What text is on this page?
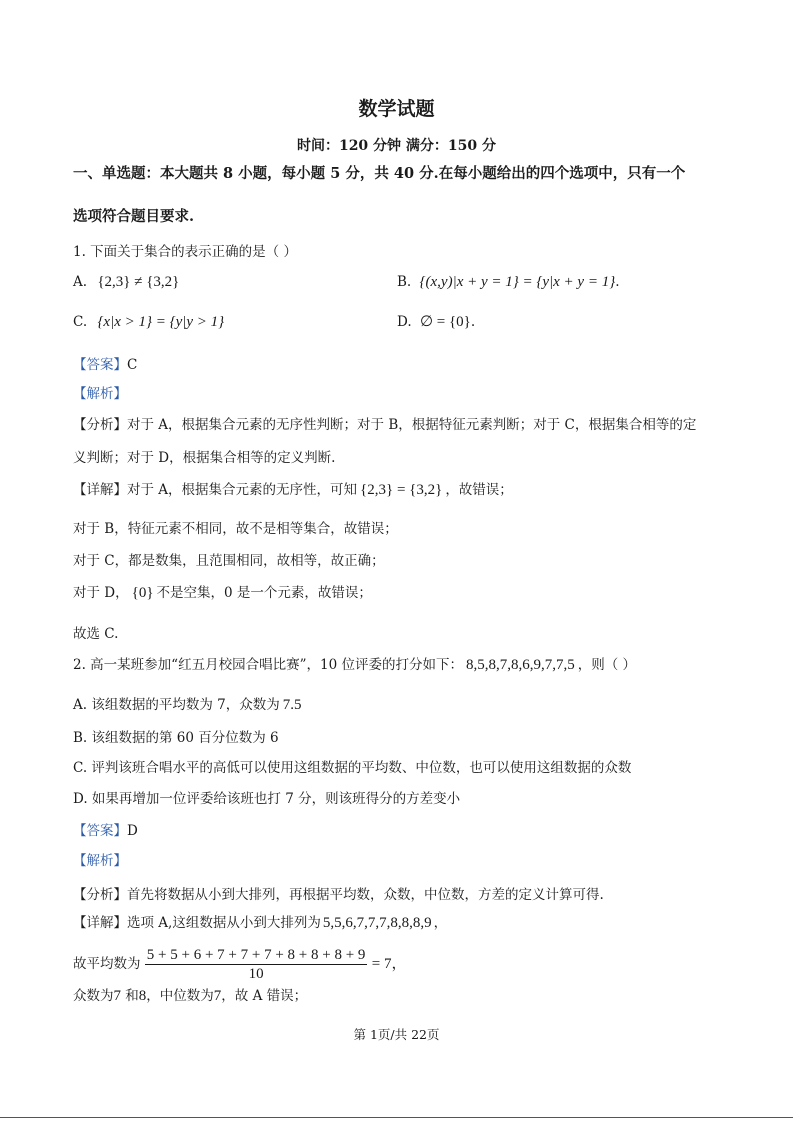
数学试题
时间：120 分钟 满分：150 分
一、单选题：本大题共 8 小题，每小题 5 分，共 40 分.在每小题给出的四个选项中，只有一个
选项符合题目要求.
1. 下面关于集合的表示正确的是（ ）
A. {2,3} ≠ {3,2}	B. {(x,y)|x + y = 1} = {y|x + y = 1}.
C. {x|x > 1} = {y|y > 1}	D. ∅ = {0}.
【答案】C
【解析】
【分析】对于 A，根据集合元素的无序性判断；对于 B，根据特征元素判断；对于 C，根据集合相等的定
义判断；对于 D，根据集合相等的定义判断.
【详解】对于 A，根据集合元素的无序性，可知 {2,3} = {3,2} ，故错误；
对于 B，特征元素不相同，故不是相等集合，故错误；
对于 C，都是数集，且范围相同，故相等，故正确；
对于 D， {0} 不是空集，0 是一个元素，故错误；
故选 C.
2. 高一某班参加“红五月校园合唱比赛”，10 位评委的打分如下： 8,5,8,7,8,6,9,7,7,5 ，则（ ）
A. 该组数据的平均数为 7，众数为 7.5
B. 该组数据的第 60 百分位数为 6
C. 评判该班合唱水平的高低可以使用这组数据的平均数、中位数，也可以使用这组数据的众数
D. 如果再增加一位评委给该班也打 7 分，则该班得分的方差变小
【答案】D
【解析】
【分析】首先将数据从小到大排列，再根据平均数，众数，中位数，方差的定义计算可得.
【详解】选项 A,这组数据从小到大排列为 5,5,6,7,7,7,8,8,8,9 ，
故平均数为 $\frac{5 + 5 + 6 + 7 + 7 + 7 + 8 + 8 + 8 + 9}{10} = 7$，
众数为7 和8，中位数为7，故 A 错误；
第 1页/共 22页
